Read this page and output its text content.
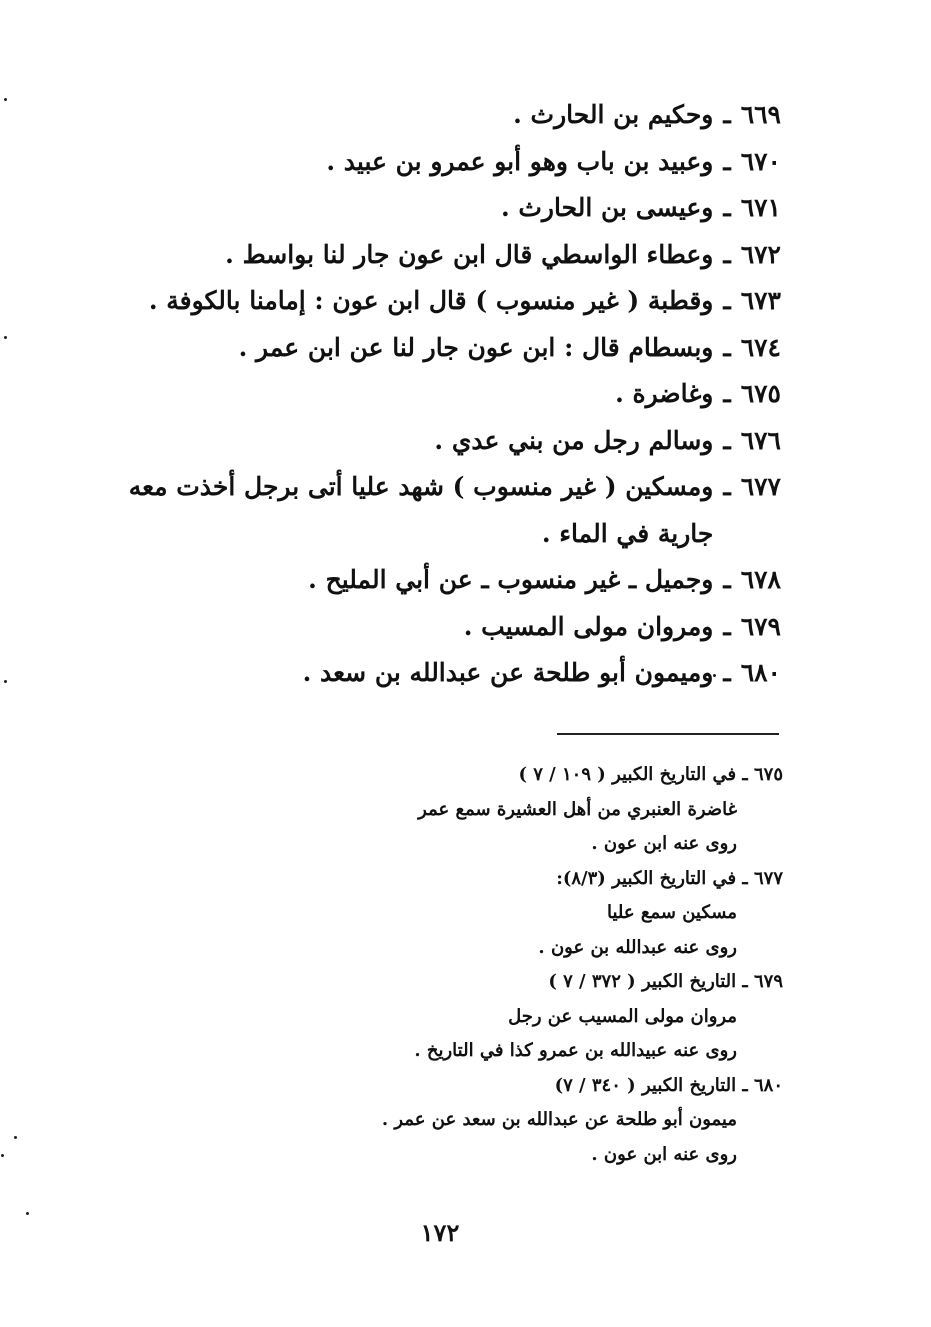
٦٦٩
ـ
وحكيم بن الحارث .
٦٧٠
ـ
وعبيد بن باب وهو أبو عمرو بن عبيد .
٦٧١
ـ
وعيسى بن الحارث .
٦٧٢
ـ
وعطاء الواسطي قال ابن عون جار لنا بواسط .
٦٧٣
ـ
وقطبة ( غير منسوب ) قال ابن عون : إمامنا بالكوفة .
٦٧٤
ـ
وبسطام قال : ابن عون جار لنا عن ابن عمر .
٦٧٥
ـ
وغاضرة .
٦٧٦
ـ
وسالم رجل من بني عدي .
٦٧٧
ـ
ومسكين ( غير منسوب ) شهد عليا أتى برجل أخذت معه جارية في الماء .
٦٧٨
ـ
وجميل ـ غير منسوب ـ عن أبي المليح .
٦٧٩
ـ
ومروان مولى المسيب .
٦٨٠
ـ
وميمون أبو طلحة عن عبدالله بن سعد .
٦٧٥ ـ في التاريخ الكبير ( ١٠٩ / ٧ )
غاضرة العنبري من أهل العشيرة سمع عمر
روى عنه ابن عون .
٦٧٧ ـ في التاريخ الكبير (٨/٣):
مسكين سمع عليا
روى عنه عبدالله بن عون .
٦٧٩ ـ التاريخ الكبير ( ٣٧٢ / ٧ )
مروان مولى المسيب عن رجل
روى عنه عبيدالله بن عمرو كذا في التاريخ .
٦٨٠ ـ التاريخ الكبير ( ٣٤٠ / ٧)
ميمون أبو طلحة عن عبدالله بن سعد عن عمر .
روى عنه ابن عون .
١٧٢
